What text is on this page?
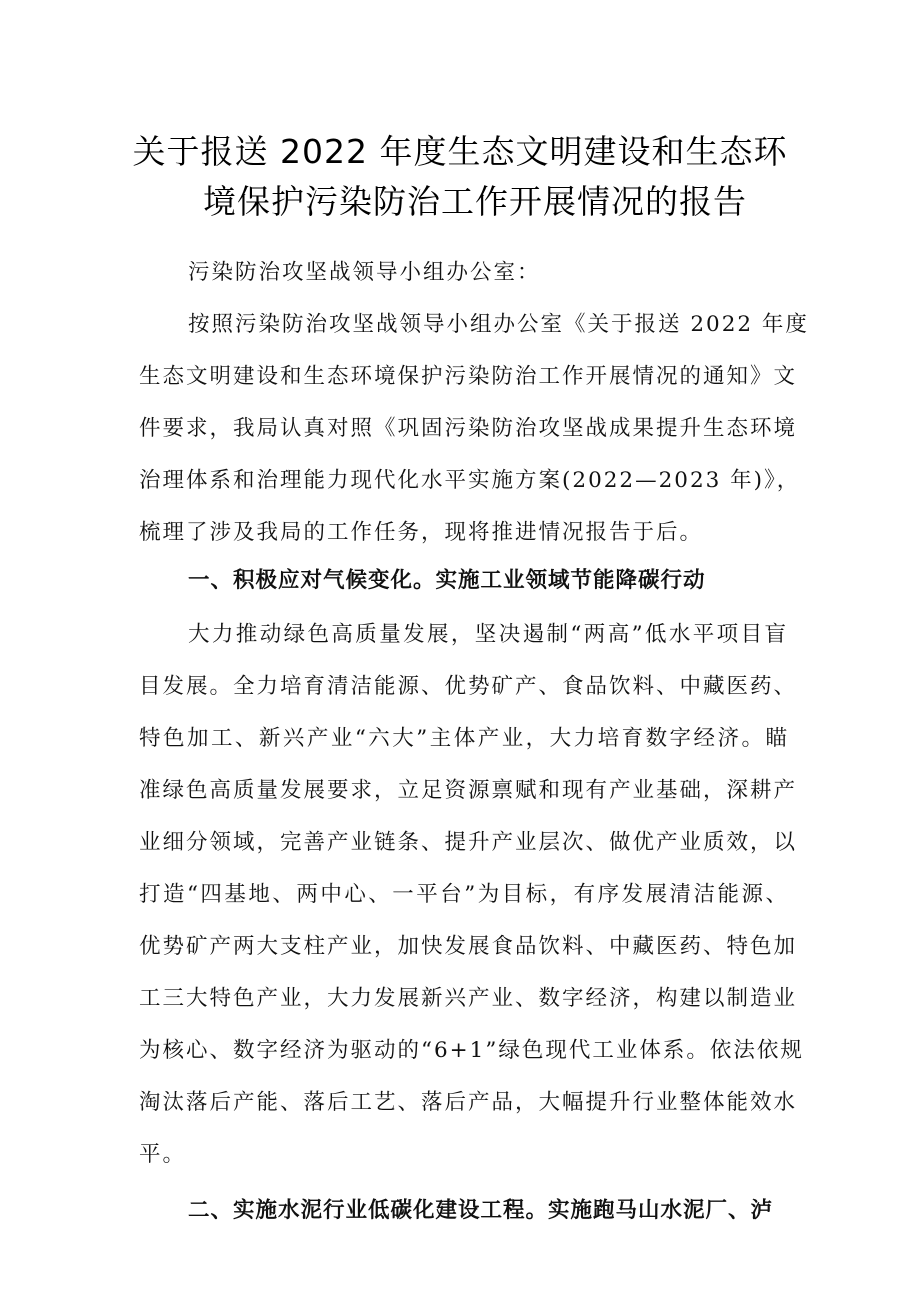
关于报送 2022 年度生态文明建设和生态环
境保护污染防治工作开展情况的报告
污染防治攻坚战领导小组办公室：
按照污染防治攻坚战领导小组办公室《关于报送 2022 年度
生态文明建设和生态环境保护污染防治工作开展情况的通知》文
件要求，我局认真对照《巩固污染防治攻坚战成果提升生态环境
治理体系和治理能力现代化水平实施方案(2022—2023 年)》，
梳理了涉及我局的工作任务，现将推进情况报告于后。
一、积极应对气候变化。实施工业领域节能降碳行动
大力推动绿色高质量发展，坚决遏制“两高”低水平项目盲
目发展。全力培育清洁能源、优势矿产、食品饮料、中藏医药、
特色加工、新兴产业“六大”主体产业，大力培育数字经济。瞄
准绿色高质量发展要求，立足资源禀赋和现有产业基础，深耕产
业细分领域，完善产业链条、提升产业层次、做优产业质效，以
打造“四基地、两中心、一平台”为目标，有序发展清洁能源、
优势矿产两大支柱产业，加快发展食品饮料、中藏医药、特色加
工三大特色产业，大力发展新兴产业、数字经济，构建以制造业
为核心、数字经济为驱动的“6+1”绿色现代工业体系。依法依规
淘汰落后产能、落后工艺、落后产品，大幅提升行业整体能效水
平。
二、实施水泥行业低碳化建设工程。实施跑马山水泥厂、泸
